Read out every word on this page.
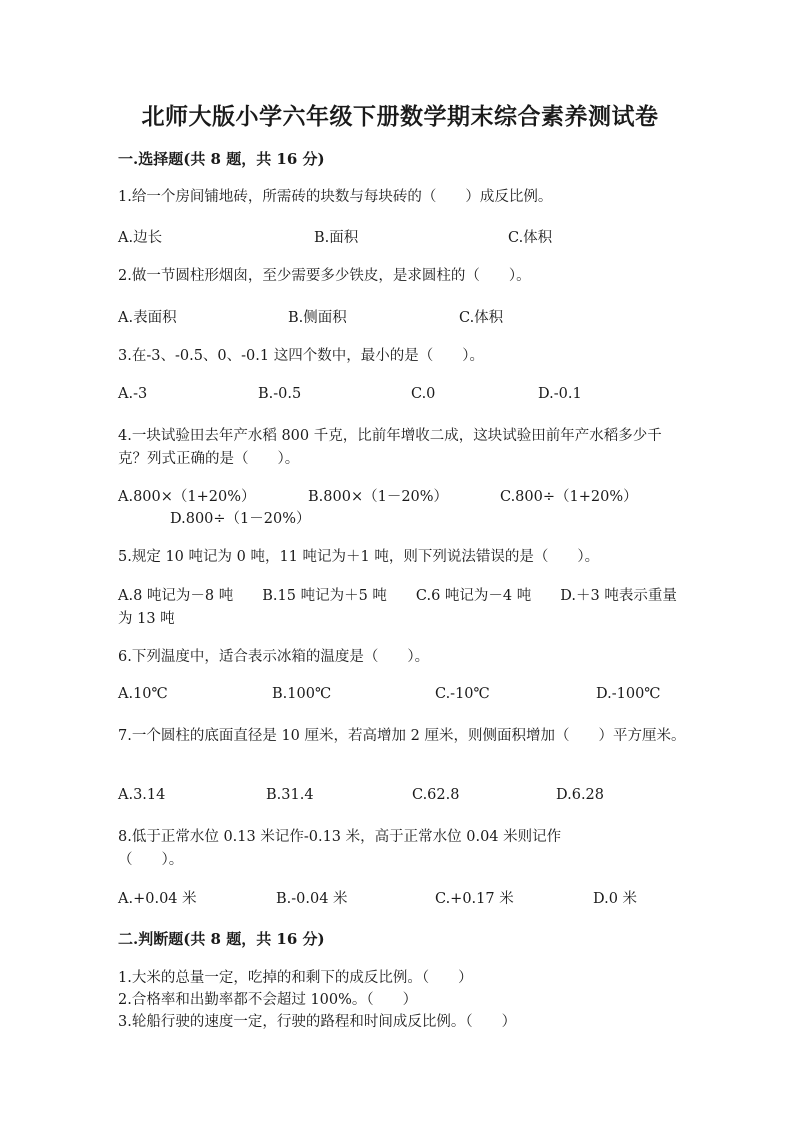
北师大版小学六年级下册数学期末综合素养测试卷
一.选择题(共 8 题，共 16 分)
1.给一个房间铺地砖，所需砖的块数与每块砖的（　　）成反比例。
A.边长	B.面积	C.体积
2.做一节圆柱形烟囱，至少需要多少铁皮，是求圆柱的（　　）。
A.表面积	B.侧面积	C.体积
3.在-3、-0.5、0、-0.1 这四个数中，最小的是（　　）。
A.-3	B.-0.5	C.0	D.-0.1
4.一块试验田去年产水稻 800 千克，比前年增收二成，这块试验田前年产水稻多少千克？列式正确的是（　　）。
A.800×（1+20%）	B.800×（1－20%）	C.800÷（1+20%）
D.800÷（1－20%）
5.规定 10 吨记为 0 吨，11 吨记为＋1 吨，则下列说法错误的是（　　）。
A.8 吨记为－8 吨　　B.15 吨记为＋5 吨　　C.6 吨记为－4 吨　　D.＋3 吨表示重量为 13 吨
6.下列温度中，适合表示冰箱的温度是（　　）。
A.10℃	B.100℃	C.-10℃	D.-100℃
7.一个圆柱的底面直径是 10 厘米，若高增加 2 厘米，则侧面积增加（　　）平方厘米。
A.3.14	B.31.4	C.62.8	D.6.28
8.低于正常水位 0.13 米记作-0.13 米，高于正常水位 0.04 米则记作（　　）。
A.+0.04 米	B.-0.04 米	C.+0.17 米	D.0 米
二.判断题(共 8 题，共 16 分)
1.大米的总量一定，吃掉的和剩下的成反比例。（　　）
2.合格率和出勤率都不会超过 100%。（　　）
3.轮船行驶的速度一定，行驶的路程和时间成反比例。（　　）
